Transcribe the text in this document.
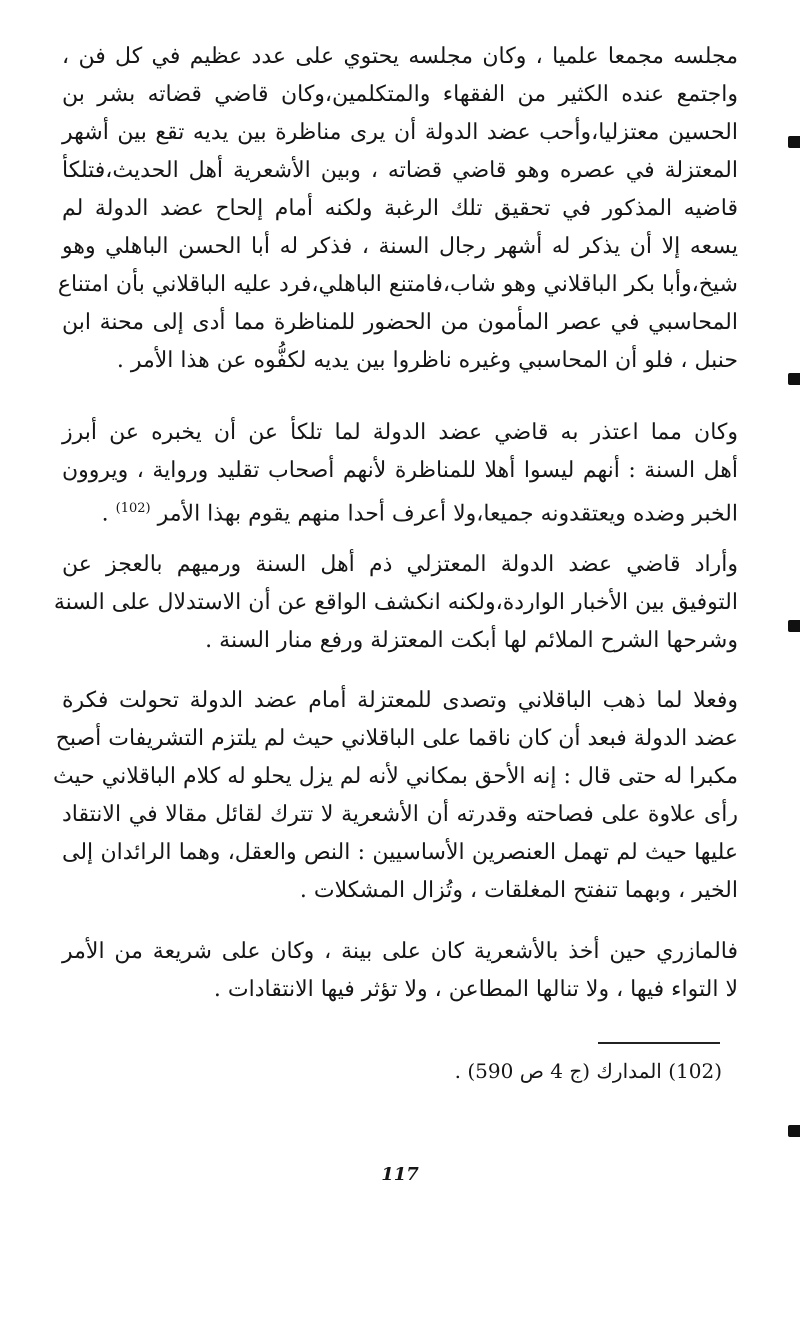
مجلسه مجمعا علميا ، وكان مجلسه يحتوي على عدد عظيم في كل فن ،
واجتمع عنده الكثير من الفقهاء والمتكلمين،وكان قاضي قضاته بشر بن
الحسين معتزليا،وأحب عضد الدولة أن يرى مناظرة بين يديه تقع بين أشهر
المعتزلة في عصره وهو قاضي قضاته ، وبين الأشعرية أهل الحديث،فتلكأ
قاضيه المذكور في تحقيق تلك الرغبة ولكنه أمام إلحاح عضد الدولة لم
يسعه إلا أن يذكر له أشهر رجال السنة ، فذكر له أبا الحسن الباهلي وهو
شيخ،وأبا بكر الباقلاني وهو شاب،فامتنع الباهلي،فرد عليه الباقلاني بأن امتناع
المحاسبي في عصر المأمون من الحضور للمناظرة مما أدى إلى محنة ابن
حنبل ، فلو أن المحاسبي وغيره ناظروا بين يديه لكفُّوه عن هذا الأمر .
وكان مما اعتذر به قاضي عضد الدولة لما تلكأ عن أن يخبره عن أبرز
أهل السنة : أنهم ليسوا أهلا للمناظرة لأنهم أصحاب تقليد ورواية ، ويروون
الخبر وضده ويعتقدونه جميعا،ولا أعرف أحدا منهم يقوم بهذا الأمر $^{(102)}$ .
وأراد قاضي عضد الدولة المعتزلي ذم أهل السنة ورميهم بالعجز عن
التوفيق بين الأخبار الواردة،ولكنه انكشف الواقع عن أن الاستدلال على السنة
وشرحها الشرح الملائم لها أبكت المعتزلة ورفع منار السنة .
وفعلا لما ذهب الباقلاني وتصدى للمعتزلة أمام عضد الدولة تحولت فكرة
عضد الدولة فبعد أن كان ناقما على الباقلاني حيث لم يلتزم التشريفات أصبح
مكبرا له حتى قال : إنه الأحق بمكاني لأنه لم يزل يحلو له كلام الباقلاني حيث
رأى علاوة على فصاحته وقدرته أن الأشعرية لا تترك لقائل مقالا في الانتقاد
عليها حيث لم تهمل العنصرين الأساسيين : النص والعقل، وهما الرائدان إلى
الخير ، وبهما تنفتح المغلقات ، وتُزال المشكلات .
فالمازري حين أخذ بالأشعرية كان على بينة ، وكان على شريعة من الأمر
لا التواء فيها ، ولا تنالها المطاعن ، ولا تؤثر فيها الانتقادات .
(102) المدارك (ج 4 ص 590) .
117
